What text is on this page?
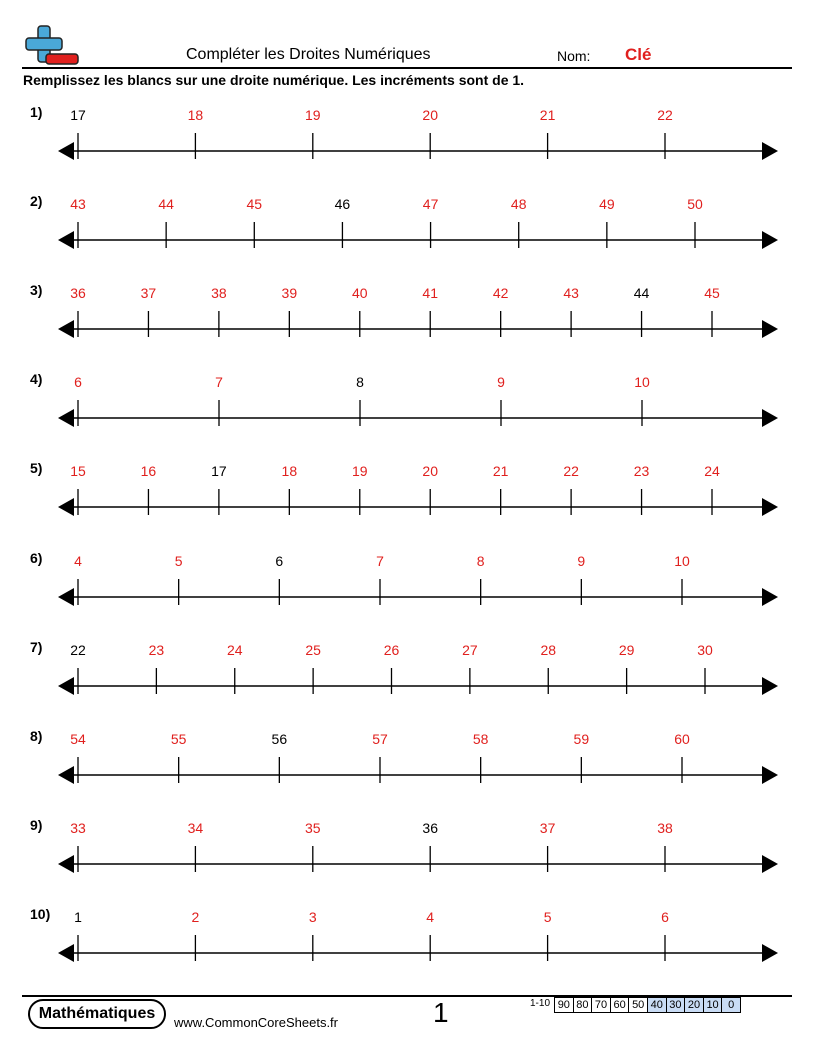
Compléter les Droites Numériques	Nom: Clé
Remplissez les blancs sur une droite numérique. Les incréments sont de 1.
1) 17	18	19	20	21	22
2) 43	44	45	46	47	48	49	50
3) 36	37	38	39	40	41	42	43	44	45
4) 6	7	8	9	10
5) 15	16	17	18	19	20	21	22	23	24
6) 4	5	6	7	8	9	10
7) 22	23	24	25	26	27	28	29	30
8) 54	55	56	57	58	59	60
9) 33	34	35	36	37	38
10) 1	2	3	4	5	6
Mathématiques
www.CommonCoreSheets.fr	1	1-10 90 80 70 60 50 40 30 20 10 0
